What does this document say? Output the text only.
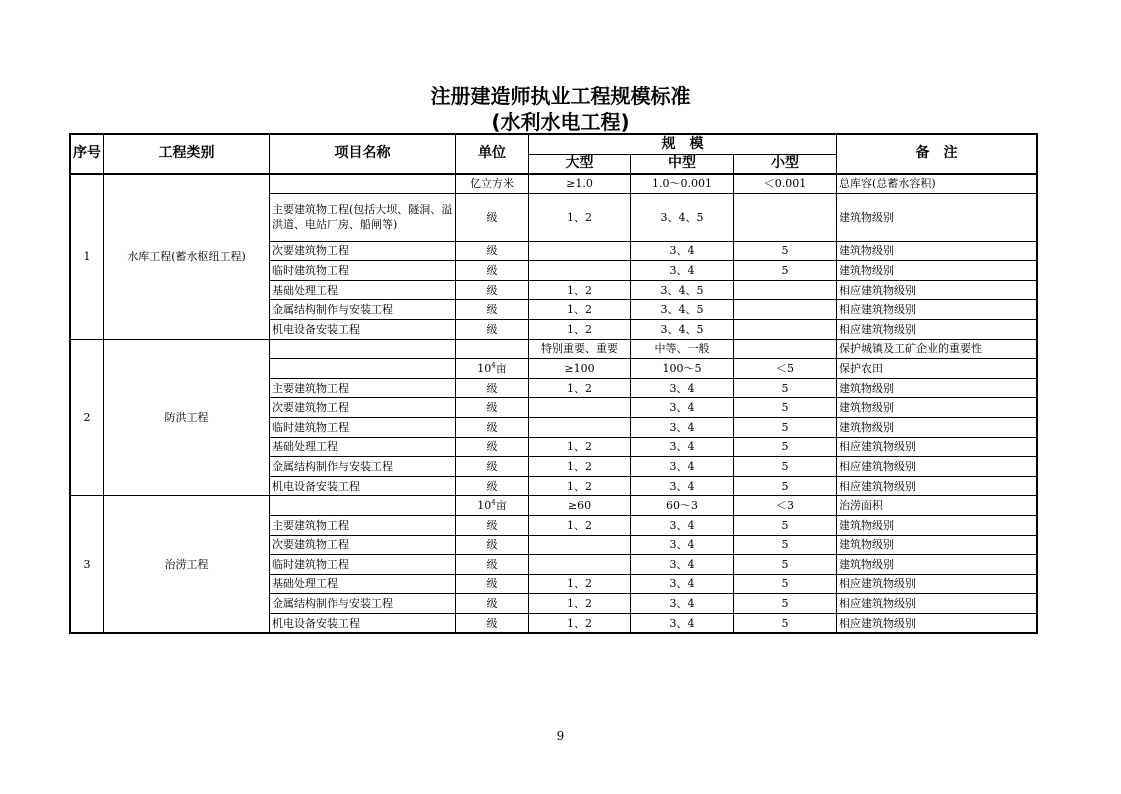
注册建造师执业工程规模标准
(水利水电工程)
序号	工程类别	项目名称	单位	规　模			备　注
				大型	中型	小型	
1	水库工程(蓄水枢纽工程)		亿立方米	≥1.0	1.0～0.001	＜0.001	总库容(总蓄水容积)
		主要建筑物工程(包括大坝、隧洞、溢洪道、电站厂房、船闸等)	级	1、2	3、4、5		建筑物级别
		次要建筑物工程	级		3、4	5	建筑物级别
		临时建筑物工程	级		3、4	5	建筑物级别
		基础处理工程	级	1、2	3、4、5		相应建筑物级别
		金属结构制作与安装工程	级	1、2	3、4、5		相应建筑物级别
		机电设备安装工程	级	1、2	3、4、5		相应建筑物级别
2	防洪工程			特别重要、重要	中等、一般		保护城镇及工矿企业的重要性
			$10^4$亩	≥100	100～5	＜5	保护农田
		主要建筑物工程	级	1、2	3、4	5	建筑物级别
		次要建筑物工程	级		3、4	5	建筑物级别
		临时建筑物工程	级		3、4	5	建筑物级别
		基础处理工程	级	1、2	3、4	5	相应建筑物级别
		金属结构制作与安装工程	级	1、2	3、4	5	相应建筑物级别
		机电设备安装工程	级	1、2	3、4	5	相应建筑物级别
3	治涝工程		$10^4$亩	≥60	60～3	＜3	治涝面积
		主要建筑物工程	级	1、2	3、4	5	建筑物级别
		次要建筑物工程	级		3、4	5	建筑物级别
		临时建筑物工程	级		3、4	5	建筑物级别
		基础处理工程	级	1、2	3、4	5	相应建筑物级别
		金属结构制作与安装工程	级	1、2	3、4	5	相应建筑物级别
		机电设备安装工程	级	1、2	3、4	5	相应建筑物级别
9
